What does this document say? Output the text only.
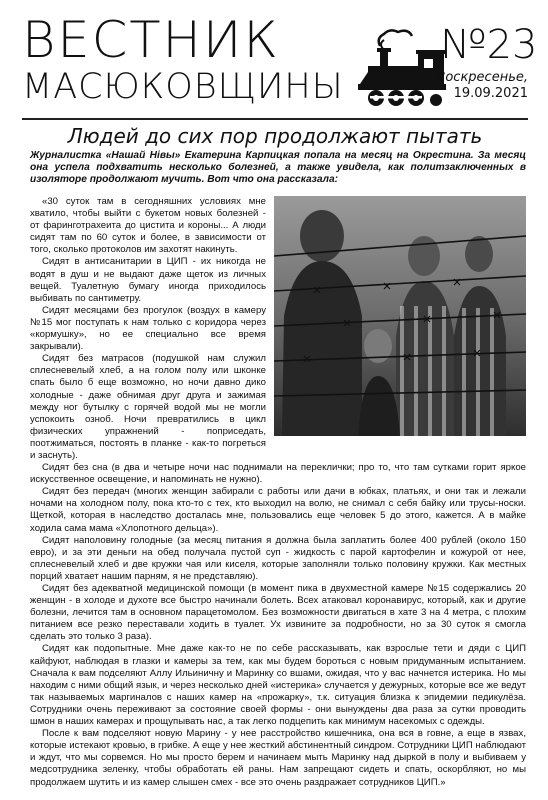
ВЕСТНИК
МАСЮКОВЩИНЫ
№23
Воскресенье,
19.09.2021
Людей до сих пор продолжают пытать
Журналистка «Нашай Нівы» Екатерина Карпицкая попала на месяц на Окрестина. За месяц она успела подхватить несколько болезней, а также увидела, как политзаключенных в изоляторе продолжают мучить. Вот что она рассказала:

«30 суток там в сегодняшних условиях мне хватило, чтобы выйти с букетом новых болезней - от фаринготрахеита до цистита и короны... А люди сидят там по 60 суток и более, в зависимости от того, сколько протоколов им захотят накинуть.

Сидят в антисанитарии в ЦИП - их никогда не водят в душ и не выдают даже щеток из личных вещей. Туалетную бумагу иногда приходилось выбивать по сантиметру.

Сидят месяцами без прогулок (воздух в камеру №15 мог поступать к нам только с коридора через «кормушку», но ее специально все время закрывали).

Сидят без матрасов (подушкой нам служил сплесневелый хлеб, а на голом полу или шконке спать было б еще возможно, но ночи давно дико холодные - даже обнимая друг друга и зажимая между ног бутылку с горячей водой мы не могли успокоить озноб. Ночи превратились в цикл физических упражнений - поприседать, поотжиматься, постоять в планке - как-то погреться и заснуть).

Сидят без сна (в два и четыре ночи нас поднимали на переклички; про то, что там сутками горит яркое искусственное освещение, и напоминать не нужно).

Сидят без передач (многих женщин забирали с работы или дачи в юбках, платьях, и они так и лежали ночами на холодном полу, пока кто-то с тех, кто выходил на волю, не снимал с себя байку или трусы-носки. Щеткой, которая в наследство досталась мне, пользовались еще человек 5 до этого, кажется. А в майке ходила сама мама «Хлопотного дельца»).

Сидят наполовину голодные (за месяц питания я должна была заплатить более 400 рублей (около 150 евро), и за эти деньги на обед получала пустой суп - жидкость с парой картофелин и кожурой от нее, сплесневелый хлеб и две кружки чая или киселя, которые заполняли только половину кружки. Как местных порций хватает нашим парням, я не представляю).

Сидят без адекватной медицинской помощи (в момент пика в двухместной камере №15 содержались 20 женщин - в холоде и духоте все быстро начинали болеть. Всех атаковал коронавирус, который, как и другие болезни, лечится там в основном парацетомолом. Без возможности двигаться в хате 3 на 4 метра, с плохим питанием все резко переставали ходить в туалет. Ух извините за подробности, но за 30 суток я смогла сделать это только 3 раза).

Сидят как подопытные. Мне даже как-то не по себе рассказывать, как взрослые тети и дяди с ЦИП кайфуют, наблюдая в глазки и камеры за тем, как мы будем бороться с новым придуманным испытанием. Сначала к вам подселяют Аллу Ильиничну и Маринку со вшами, ожидая, что у вас начнется истерика. Но мы находим с ними общий язык, и через несколько дней «истерика» случается у дежурных, которые все же ведут так называемых маргиналов с наших камер на «прожарку», т.к. ситуация близка к эпидемии педикулёза. Сотрудники очень переживают за состояние своей формы - они вынуждены два раза за сутки проводить шмон в наших камерах и прощупывать нас, а так легко подцепить как минимум насекомых с одежды.

После к вам подселяют новую Марину - у нее расстройство кишечника, она вся в говне, а еще в язвах, которые истекают кровью, в грибке. А еще у нее жесткий абстинентный синдром. Сотрудники ЦИП наблюдают и ждут, что мы сорвемся. Но мы просто берем и начинаем мыть Маринку над дыркой в полу и выбиваем у медсотрудника зеленку, чтобы обработать ей раны. Нам запрещают сидеть и спать, оскорбляют, но мы продолжаем шутить и из камер слышен смех - все это очень раздражает сотрудников ЦИП.»
